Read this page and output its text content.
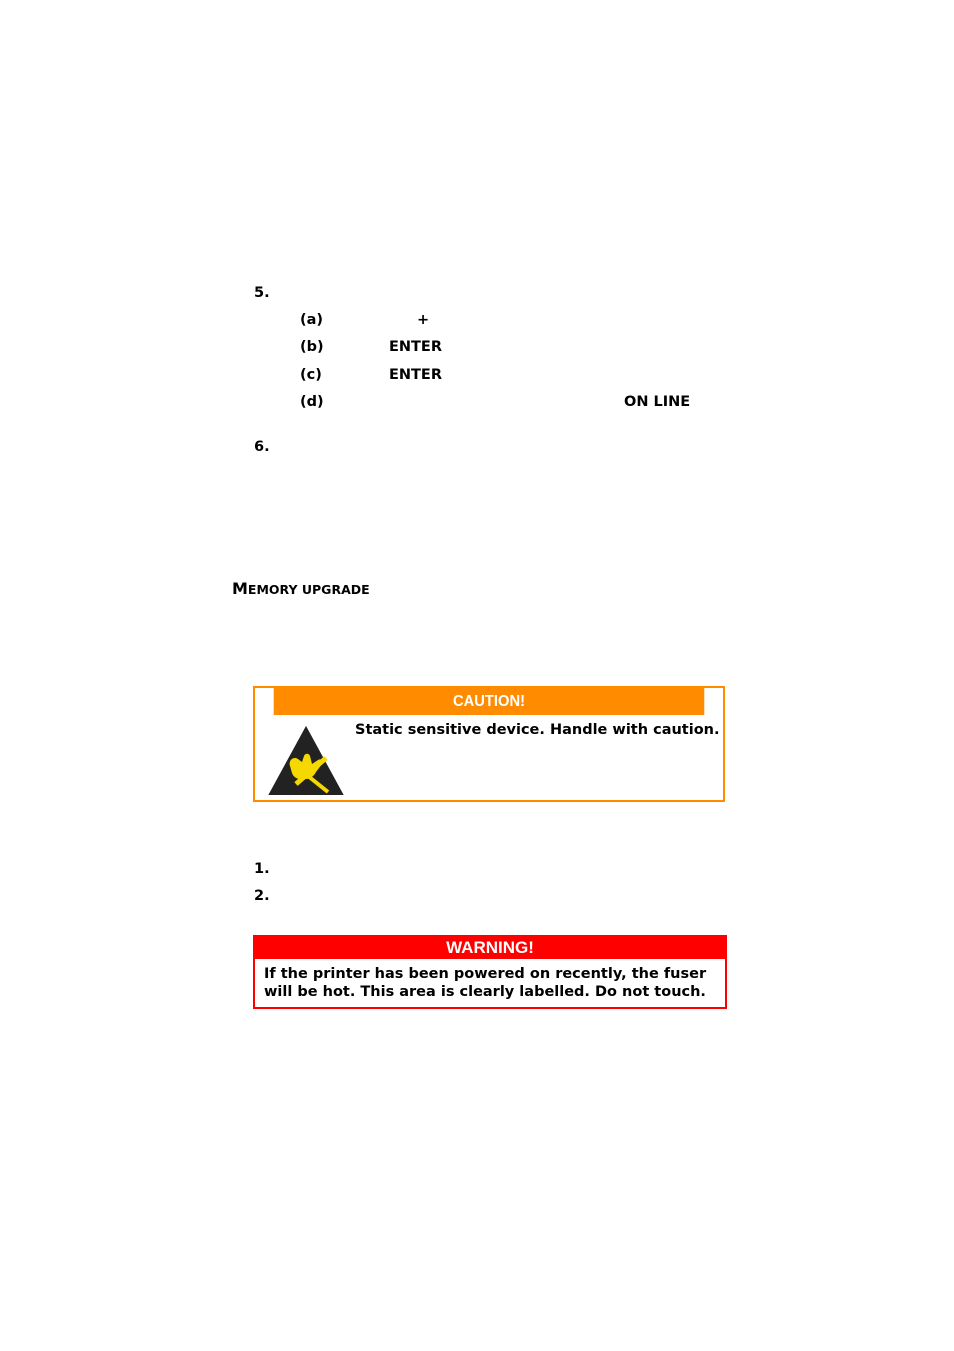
5.
(a)	+
(b)	ENTER
(c)	ENTER
(d)	ON LINE
6.
MEMORY UPGRADE
CAUTION!
Static sensitive device. Handle with caution.
1.
2.
WARNING!
If the printer has been powered on recently, the fuser will be hot. This area is clearly labelled. Do not touch.
